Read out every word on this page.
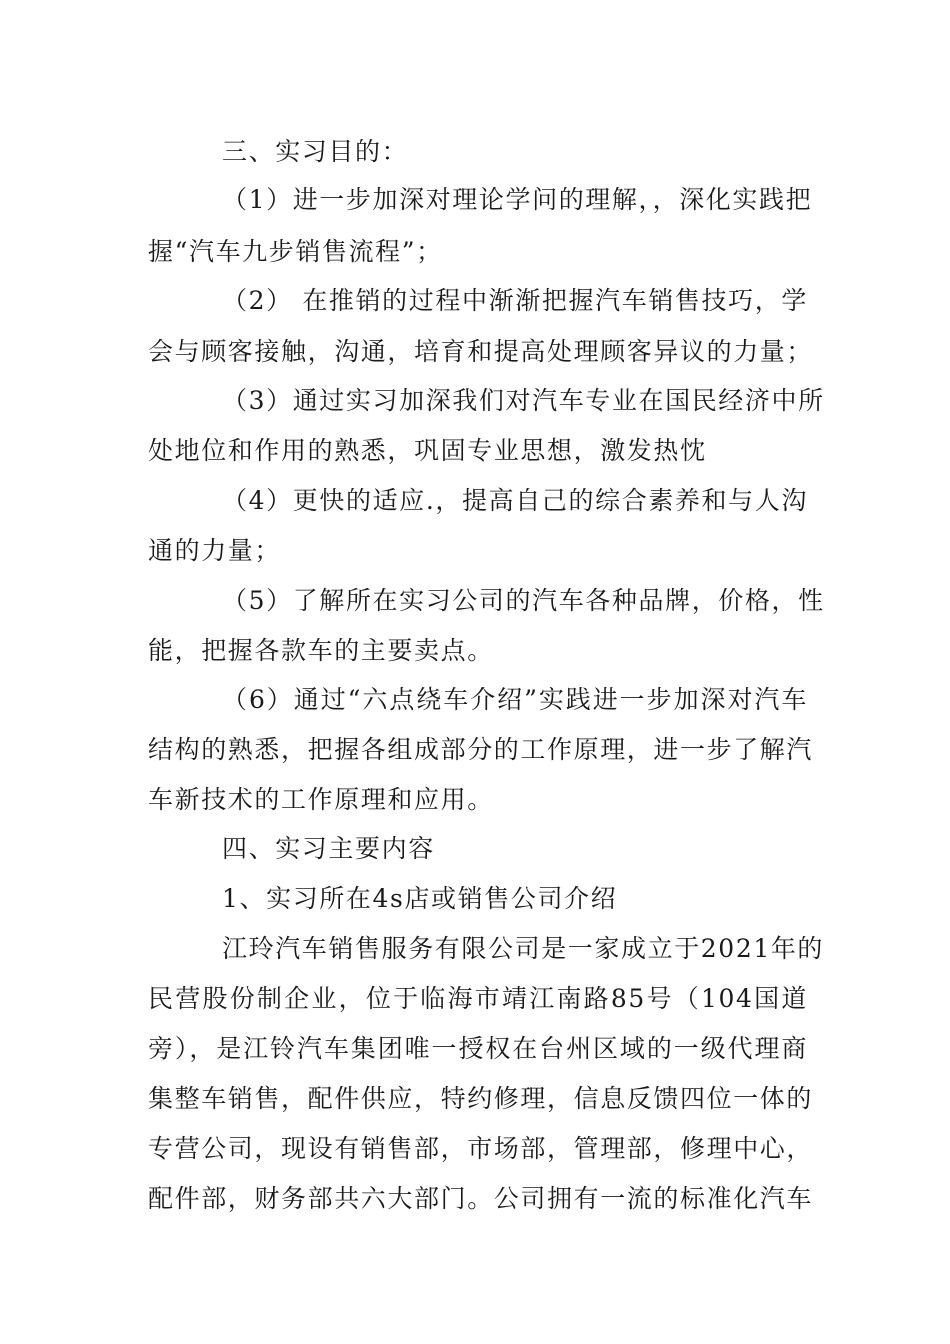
三、实习目的：
（1）进一步加深对理论学问的理解，，深化实践把
握“汽车九步销售流程”；
（2） 在推销的过程中渐渐把握汽车销售技巧，学
会与顾客接触，沟通，培育和提高处理顾客异议的力量；
（3）通过实习加深我们对汽车专业在国民经济中所
处地位和作用的熟悉，巩固专业思想，激发热忱
（4）更快的适应.，提高自己的综合素养和与人沟
通的力量；
（5）了解所在实习公司的汽车各种品牌，价格，性
能，把握各款车的主要卖点。
（6）通过“六点绕车介绍”实践进一步加深对汽车
结构的熟悉，把握各组成部分的工作原理，进一步了解汽
车新技术的工作原理和应用。
四、实习主要内容
1、实习所在4s店或销售公司介绍
江玲汽车销售服务有限公司是一家成立于2021年的
民营股份制企业，位于临海市靖江南路85号（104国道
旁），是江铃汽车集团唯一授权在台州区域的一级代理商
集整车销售，配件供应，特约修理，信息反馈四位一体的
专营公司，现设有销售部，市场部，管理部，修理中心，
配件部，财务部共六大部门。公司拥有一流的标准化汽车
